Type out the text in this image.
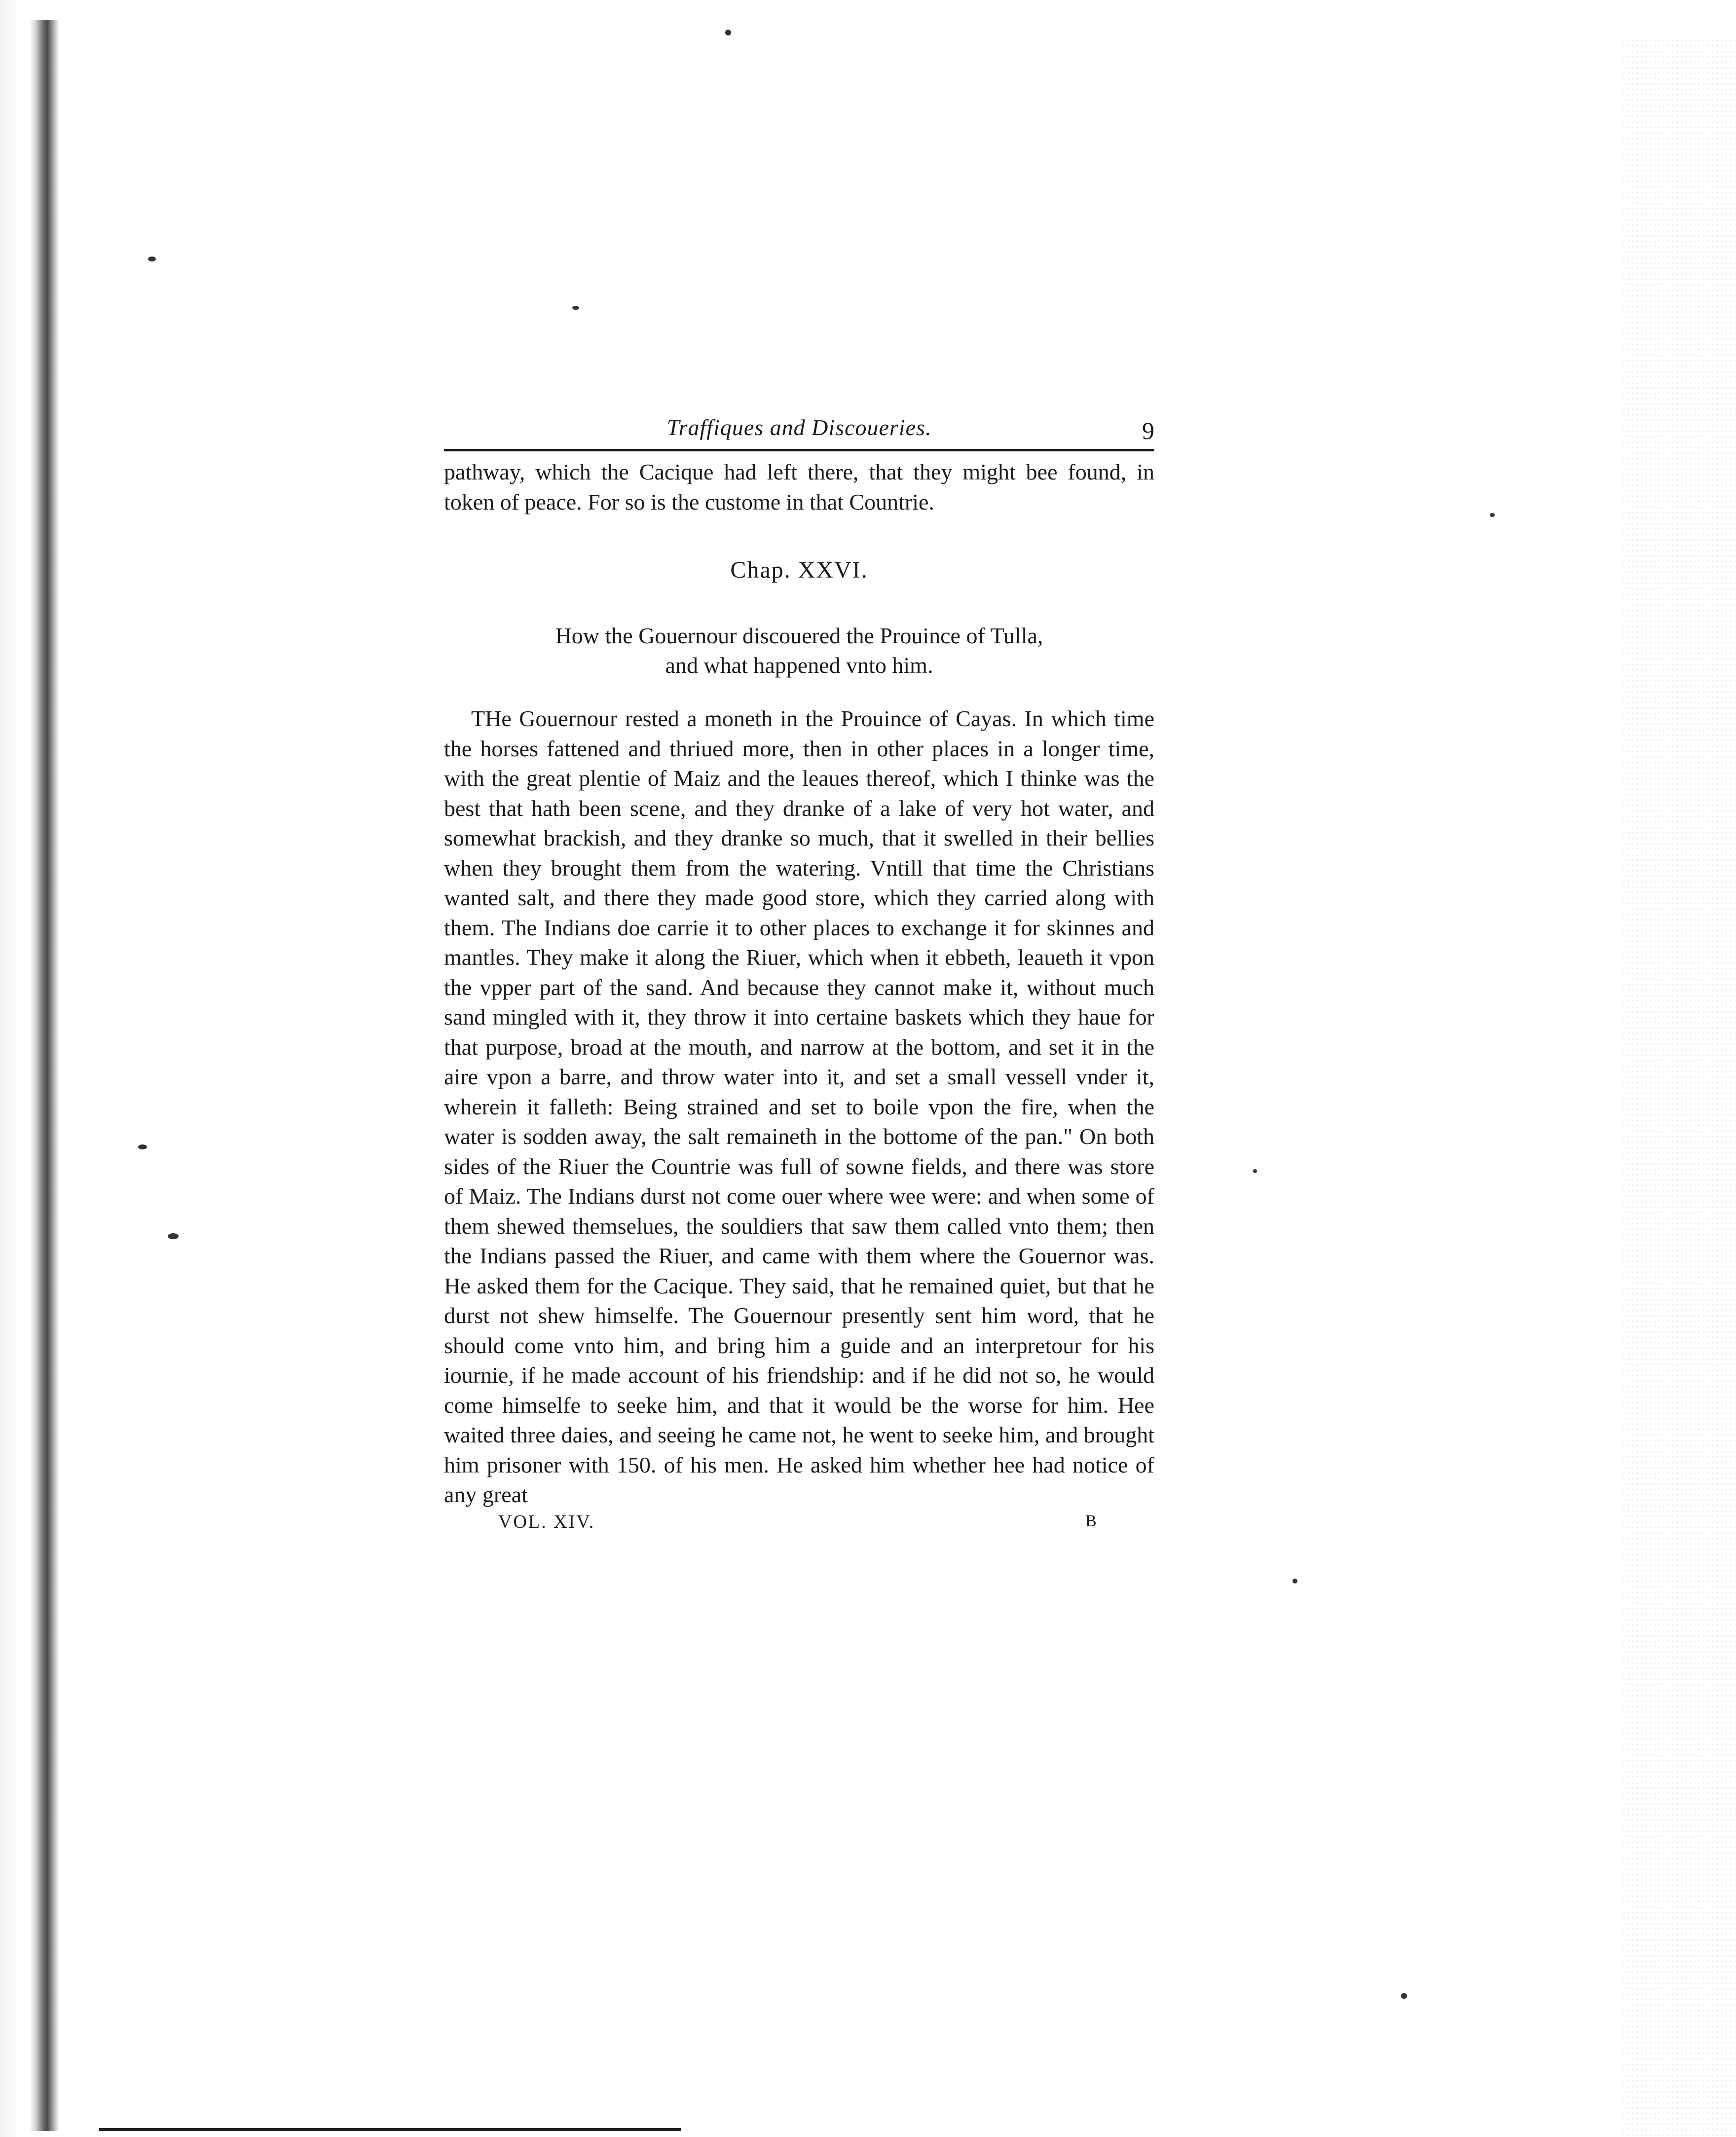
Traffiques and Discoueries.	9

pathway, which the Cacique had left there, that they might bee found, in token of peace. For so is the custome in that Countrie.

Chap. XXVI.

How the Gouernour discouered the Prouince of Tulla,
and what happened vnto him.

THe Gouernour rested a moneth in the Prouince of Cayas. In which time the horses fattened and thriued more, then in other places in a longer time, with the great plentie of Maiz and the leaues thereof, which I thinke was the best that hath been scene, and they dranke of a lake of very hot water, and somewhat brackish, and they dranke so much, that it swelled in their bellies when they brought them from the watering. Vntill that time the Christians wanted salt, and there they made good store, which they carried along with them. The Indians doe carrie it to other places to exchange it for skinnes and mantles. They make it along the Riuer, which when it ebbeth, leaueth it vpon the vpper part of the sand. And because they cannot make it, without much sand mingled with it, they throw it into certaine baskets which they haue for that purpose, broad at the mouth, and narrow at the bottom, and set it in the aire vpon a barre, and throw water into it, and set a small vessell vnder it, wherein it falleth: Being strained and set to boile vpon the fire, when the water is sodden away, the salt remaineth in the bottome of the pan." On both sides of the Riuer the Countrie was full of sowne fields, and there was store of Maiz. The Indians durst not come ouer where wee were: and when some of them shewed themselues, the souldiers that saw them called vnto them; then the Indians passed the Riuer, and came with them where the Gouernor was. He asked them for the Cacique. They said, that he remained quiet, but that he durst not shew himselfe. The Gouernour presently sent him word, that he should come vnto him, and bring him a guide and an interpretour for his iournie, if he made account of his friendship: and if he did not so, he would come himselfe to seeke him, and that it would be the worse for him. Hee waited three daies, and seeing he came not, he went to seeke him, and brought him prisoner with 150. of his men. He asked him whether hee had notice of any great

VOL. XIV.	B
